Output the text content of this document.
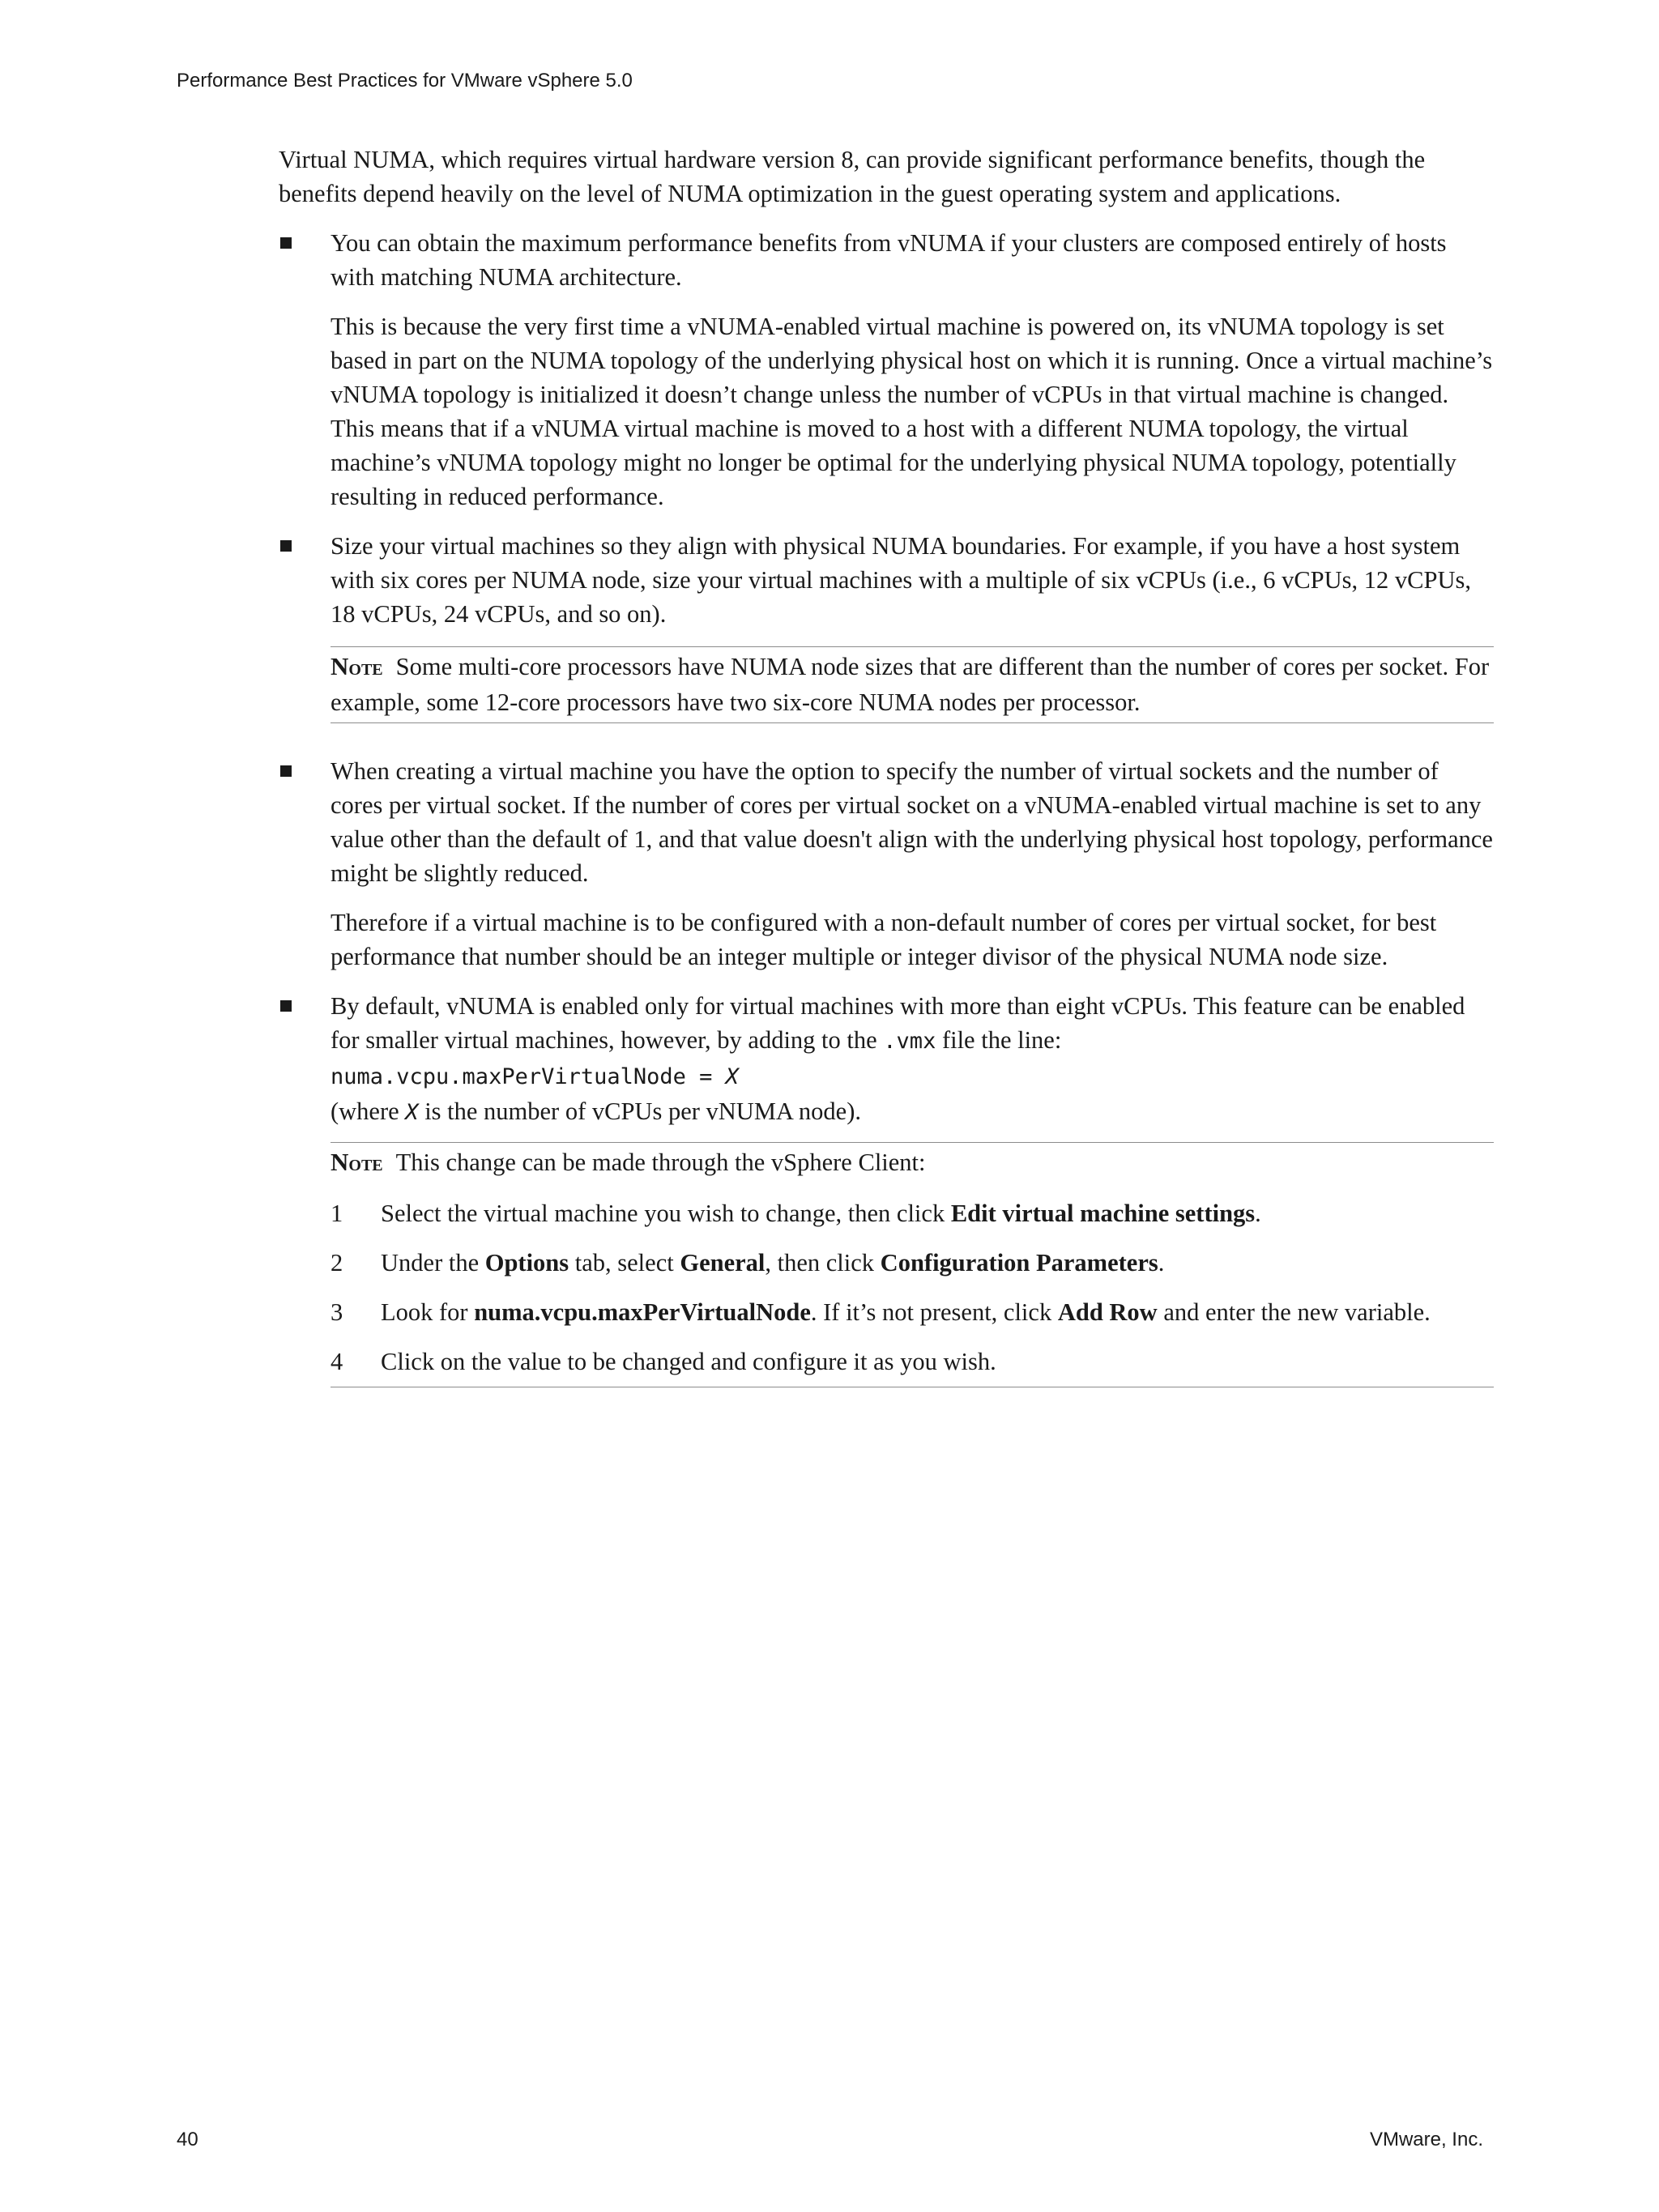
Performance Best Practices for VMware vSphere 5.0

Virtual NUMA, which requires virtual hardware version 8, can provide significant performance benefits, though the benefits depend heavily on the level of NUMA optimization in the guest operating system and applications.

You can obtain the maximum performance benefits from vNUMA if your clusters are composed entirely of hosts with matching NUMA architecture.

This is because the very first time a vNUMA-enabled virtual machine is powered on, its vNUMA topology is set based in part on the NUMA topology of the underlying physical host on which it is running. Once a virtual machine’s vNUMA topology is initialized it doesn’t change unless the number of vCPUs in that virtual machine is changed. This means that if a vNUMA virtual machine is moved to a host with a different NUMA topology, the virtual machine’s vNUMA topology might no longer be optimal for the underlying physical NUMA topology, potentially resulting in reduced performance.

Size your virtual machines so they align with physical NUMA boundaries. For example, if you have a host system with six cores per NUMA node, size your virtual machines with a multiple of six vCPUs (i.e., 6 vCPUs, 12 vCPUs, 18 vCPUs, 24 vCPUs, and so on).

Note Some multi-core processors have NUMA node sizes that are different than the number of cores per socket. For example, some 12-core processors have two six-core NUMA nodes per processor.

When creating a virtual machine you have the option to specify the number of virtual sockets and the number of cores per virtual socket. If the number of cores per virtual socket on a vNUMA-enabled virtual machine is set to any value other than the default of 1, and that value doesn't align with the underlying physical host topology, performance might be slightly reduced.

Therefore if a virtual machine is to be configured with a non-default number of cores per virtual socket, for best performance that number should be an integer multiple or integer divisor of the physical NUMA node size.

By default, vNUMA is enabled only for virtual machines with more than eight vCPUs. This feature can be enabled for smaller virtual machines, however, by adding to the .vmx file the line:

numa.vcpu.maxPerVirtualNode = X

(where X is the number of vCPUs per vNUMA node).

Note This change can be made through the vSphere Client:

1 Select the virtual machine you wish to change, then click Edit virtual machine settings.
2 Under the Options tab, select General, then click Configuration Parameters.
3 Look for numa.vcpu.maxPerVirtualNode. If it’s not present, click Add Row and enter the new variable.
4 Click on the value to be changed and configure it as you wish.
40	VMware, Inc.
